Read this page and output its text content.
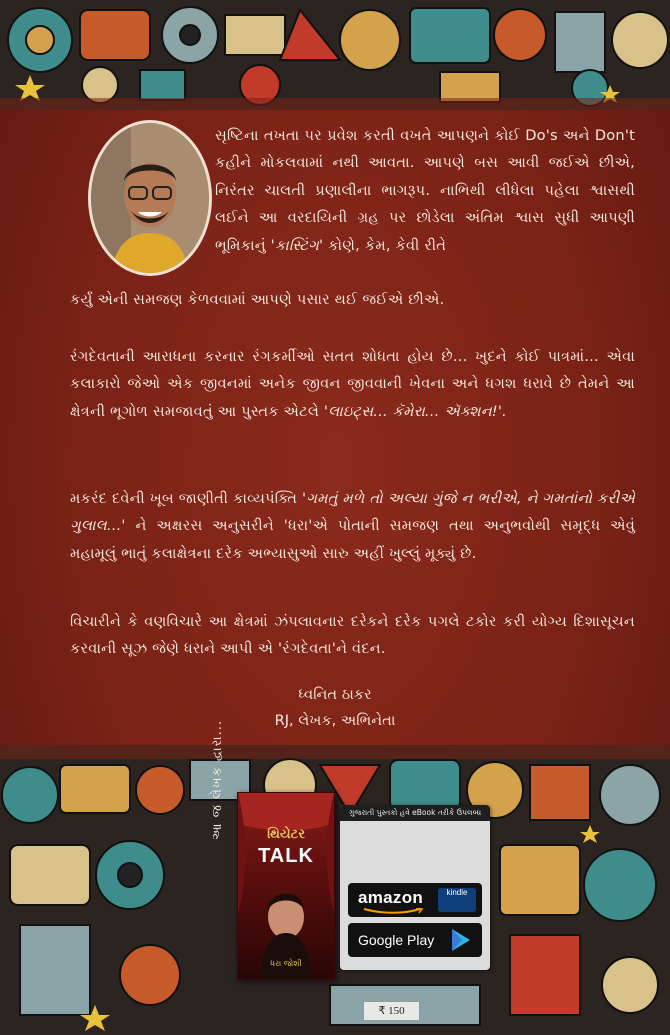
સૃષ્ટિના તખતા પર પ્રવેશ કરતી વખતે આપણને કોઈ Do's અને Don't કહીને મોકલવામાં નથી આવતા. આપણે બસ આવી જઈએ છીએ, નિરંતર ચાલતી પ્રણાલીના ભાગરૂપ. નાભિથી લીધેલા પહેલા શ્વાસથી લઈને આ વરદાયિની ગ્રહ પર છોડેલા અંતિમ શ્વાસ સુધી આપણી ભૂમિકાનું 'કાસ્ટિંગ' કોણે, કેમ, કેવી રીતે
કર્યું એની સમજણ કેળવવામાં આપણે પસાર થઈ જઈએ છીએ.
રંગદેવતાની આરાધના કરનાર રંગકર્મીઓ સતત શોધતા હોય છે... ખુદને કોઈ પાત્રમાં... એવા કલાકારો જેઓ એક જીવનમાં અનેક જીવન જીવવાની ખેવના અને ધગશ ધરાવે છે તેમને આ ક્ષેત્રની ભૂગોળ સમજાવતું આ પુસ્તક એટલે 'લાઇટ્સ... કૅમેરા... ઍક્શન!'.
મકરંદ દવેની ખૂબ જાણીતી કાવ્યપંક્તિ 'ગમતું મળે તો અલ્યા ગુંજે ન ભરીએ, ને ગમતાંનો કરીએ ગુલાલ...' ને અક્ષરસ અનુસરીને 'ધરા'એ પોતાની સમજણ તથા અનુભવોથી સમૃદ્ધ એવું મહામૂલું ભાતું કલાક્ષેત્રના દરેક અભ્યાસુઓ સારુ અહીં ખુલ્લું મૂક્યું છે.
વિચારીને કે વણવિચારે આ ક્ષેત્રમાં ઝંપલાવનાર દરેકને દરેક પગલે ટકોર કરી યોગ્ય દિશાસૂચન કરવાની સૂઝ જેણે ધરાને આપી એ 'રંગદેવતા'ને વંદન.
ધ્વનિત ઠાકર
RJ, લેખક, અભિનેતા
આ જ લેખક દ્વારા...	થિયેટર
TALK
ધરા જોશી
ગુજરાતી પુસ્તકો હવે eBook તરીકે ઉપલબ્ધ
amazon	kindle
Google Play
₹ 150
